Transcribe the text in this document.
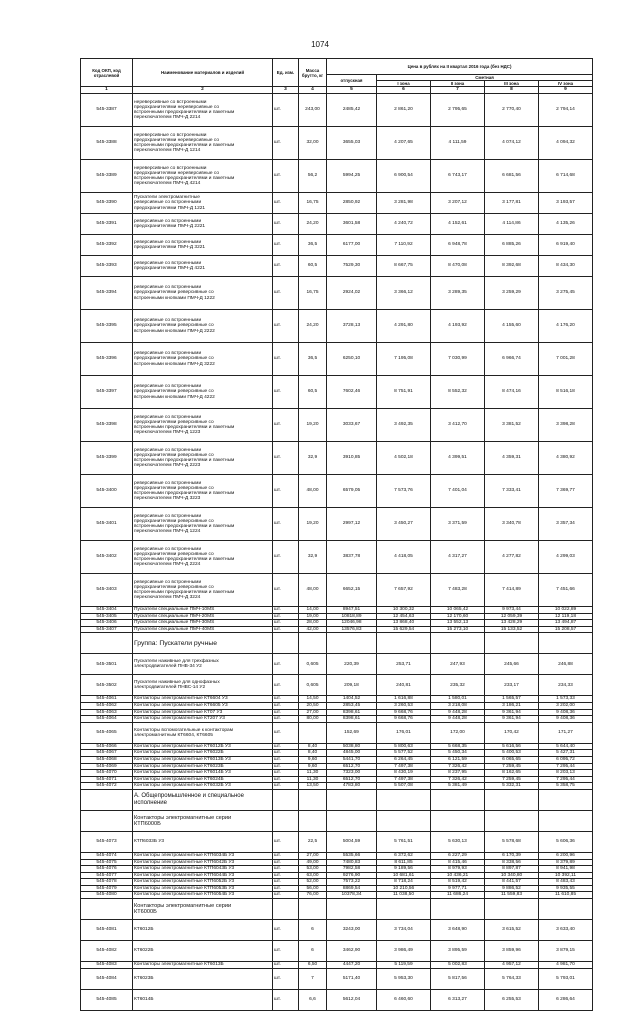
1074
Код ОКП, код отраслевой	Наименование материалов и изделий	Ед. изм.	Масса брутто, кг	Цена в рублях на II квартал 2016 года (без НДС)				
				отпускная	Сметная			
					I зона	II зона	III зона	IV зона
1	2	3	4	5	6	7	8	9
545-3387	нереверсивные со встроенными
предохранителями нереверсивные со
встроенными предохранителями и пакетным
переключателем ПМЧ-Д 2214	шт.	243,00	2485,42	2 861,20	2 795,65	2 770,40	2 794,14
545-3388	нереверсивные со встроенными
предохранителями нереверсивные со
встроенными предохранителями и пакетным
переключателем ПМЧ-Д 1214	шт.	32,00	3655,03	4 207,65	4 111,59	4 074,12	4 094,32
545-3389	нереверсивные со встроенными
предохранителями нереверсивные со
встроенными предохранителями и пакетным
переключателем ПМЧ-Д 4214	шт.	56,2	5994,25	6 900,54	6 743,17	6 681,56	6 714,68
545-3390	Пускатели электромагнитные
реверсивные со встроенными
предохранителями ПМЧ-Д 1221	шт.	16,75	2850,92	3 281,98	3 207,12	3 177,81	3 193,57
545-3391	реверсивные со встроенными
предохранителями ПМЧ-Д 2221	шт.	24,20	3601,58	4 240,72	4 152,61	4 114,86	4 135,26
545-3392	реверсивные со встроенными
предохранителями ПМЧ-Д 3221	шт.	36,5	6177,00	7 110,92	6 948,78	6 885,26	6 919,40
545-3393	реверсивные со встроенными
предохранителями ПМЧ-Д 4221	шт.	60,5	7529,30	8 667,75	8 470,08	8 392,68	8 434,30
545-3394	реверсивные со встроенными
предохранителями реверсивные со
встроенными кнопками ПМЧ-Д 1222	шт.	16,75	2924,02	3 366,12	3 289,35	3 259,29	3 275,45
545-3395	реверсивные со встроенными
предохранителями реверсивные со
встроенными кнопками ПМЧ-Д 2222	шт.	24,20	3728,13	4 291,80	4 193,92	4 155,60	4 176,20
545-3396	реверсивные со встроенными
предохранителями реверсивные со
встроенными кнопками ПМЧ-Д 3222	шт.	36,5	6250,10	7 195,08	7 030,99	6 966,74	7 001,28
545-3397	реверсивные со встроенными
предохранителями реверсивные со
встроенными кнопками ПМЧ-Д 4222	шт.	60,5	7602,46	8 751,91	8 552,32	8 474,16	8 516,18
545-3398	реверсивные со встроенными
предохранителями реверсивные со
встроенными предохранителями и пакетным
переключателем ПМЧ-Д 1223	шт.	19,20	3033,67	3 492,35	3 412,70	3 381,52	3 398,28
545-3399	реверсивные со встроенными
предохранителями реверсивные со
встроенными предохранителями и пакетным
переключателем ПМЧ-Д 2223	шт.	32,9	3910,85	4 502,18	4 399,51	4 359,31	4 380,92
545-3400	реверсивные со встроенными
предохранителями реверсивные со
встроенными предохранителями и пакетным
переключателем ПМЧ-Д 3223	шт.	48,00	6579,05	7 573,76	7 401,04	7 333,41	7 369,77
545-3401	реверсивные со встроенными
предохранителями реверсивные со
встроенными предохранителями и пакетным
переключателем ПМЧ-Д 1224	шт.	19,20	2997,12	3 450,27	3 371,59	3 340,78	3 357,34
545-3402	реверсивные со встроенными
предохранителями реверсивные со
встроенными предохранителями и пакетным
переключателем ПМЧ-Д 2224	шт.	32,9	3837,78	4 418,05	4 317,27	4 277,82	4 299,03
545-3403	реверсивные со встроенными
предохранителями реверсивные со
встроенными предохранителями и пакетным
переключателем ПМЧ-Д 3224	шт.	48,00	6652,15	7 657,92	7 483,28	7 414,89	7 451,66
545-3404	Пускатели специальные ПМЧ-10МS	шт.	14,00	8947,51	10 300,32	10 065,42	9 973,44	10 022,89
545-3405	Пускатели специальные ПМЧ-20МS	шт.	19,00	10818,89	12 454,63	12 170,60	12 059,39	12 119,18
545-3406	Пускатели специальные ПМЧ-30МS	шт.	28,00	12046,98	13 868,40	13 552,13	13 428,29	13 494,87
545-3407	Пускатели специальные ПМЧ-40МS	шт.	42,00	13576,83	15 629,54	15 273,10	15 133,52	15 208,57

	Группа: Пускатели ручные							

545-3501	Пускатели наживные для трехфазных
электродвигателей ПНВ-34 У2	шт.	0,605	220,39	253,71	247,93	245,66	246,88
545-3502	Пускатели наживные для однофазных
электродвигателей ПНВС-14 У2	шт.	0,605	209,18	240,81	235,32	233,17	234,33
545-4061	Контакторы электромагнитные КТ6604 У3	шт.	14,50	1404,52	1 616,88	1 580,01	1 565,57	1 573,33
545-4062	Контакторы электромагнитные КТ6605 У3	шт.	20,50	2853,45	3 260,53	3 218,08	3 186,21	3 202,00
545-4063	Контакторы электромагнитные КТ07 У3	шт.	27,00	8398,61	9 668,76	9 448,28	9 361,94	9 408,36
545-4064	Контакторы электромагнитные КТ207 У3	шт.	80,00	8398,61	9 668,76	9 448,28	9 361,94	9 408,36
545-4065	Контакторы вспомогательные к контакторам
электромагнитным КТ6604, КТ6605	шт.		152,69	176,01	172,00	170,42	171,27
545-4066	Контакторы электромагнитные КТ6012Б У3	шт.	8,40	5038,80	5 800,63	5 668,35	5 616,56	5 644,40
545-4067	Контакторы электромагнитные КТ6022Б	шт.	8,40	4845,00	5 577,52	5 450,34	5 400,53	5 427,31
545-4068	Контакторы электромагнитные КТ6013Б У3	шт.	9,60	5441,70	6 264,45	6 121,59	6 065,65	6 095,72
545-4069	Контакторы электромагнитные КТ6023Б	шт.	9,60	6512,70	7 497,38	7 326,42	7 259,45	7 295,44
545-4070	Контакторы электромагнитные КТ6014Б У3	шт.	11,30	7323,00	8 430,19	8 237,95	8 162,65	8 203,13
545-4071	Контакторы электромагнитные КТ6024Б	шт.	11,30	6512,70	7 497,38	7 326,42	7 259,45	7 295,44
545-4072	Контакторы электромагнитные КТ6032Б У3	шт.	13,50	4783,80	5 507,08	5 381,49	5 332,31	5 358,75

	А. Общепромышленное и специальное
исполнение							

	Контакторы электромагнитные серии
КТП6000Б							

545-4073	КТП6033Б У3	шт.	22,5	5004,59	5 761,51	5 630,13	5 578,68	5 606,36
545-4074	Контакторы электромагнитные КТП6034Б У3	шт.	27,00	5535,66	6 372,62	6 227,29	6 170,39	6 200,96
545-4075	Контакторы электромагнитные КТП6042Б У3	шт.	49,00	7480,83	8 611,85	8 415,46	8 338,56	8 379,89
545-4076	Контакторы электромагнитные КТП6043Б У3	шт.	53,00	7982,58	9 189,56	8 979,93	8 897,87	8 941,98
545-4077	Контакторы электромагнитные КТП6044Б У3	шт.	63,00	9276,90	10 681,61	10 436,21	10 340,80	10 392,11
545-4078	Контакторы электромагнитные КТП6052Б У3	шт.	52,00	7573,22	8 718,24	8 519,42	8 441,57	8 483,43
545-4079	Контакторы электромагнитные КТП6053Б У3	шт.	56,00	8869,54	10 210,56	9 977,71	9 886,52	9 935,55
545-4080	Контакторы электромагнитные КТП6054Б У3	шт.	76,00	10378,34	11 038,50	11 686,24	11 559,83	11 610,85

	Контакторы электромагнитные серии
КТ6000Б							

545-4081	КТ6012Б	шт.	6	3243,00	3 734,04	3 648,90	3 615,52	3 633,40
545-4082	КТ6022Б	шт.	6	3462,90	3 986,49	3 895,59	3 859,96	3 879,15
545-4083	Контакторы электромагнитные КТ6013Б	шт.	6,50	4447,20	5 119,59	5 002,83	4 957,12	4 981,70
545-4084	КТ6023Б	шт.	7	5171,40	5 953,30	5 817,56	5 764,33	5 793,01
545-4085	КТ6014Б	шт.	6,6	5612,04	6 460,60	6 313,27	6 255,53	6 286,64
